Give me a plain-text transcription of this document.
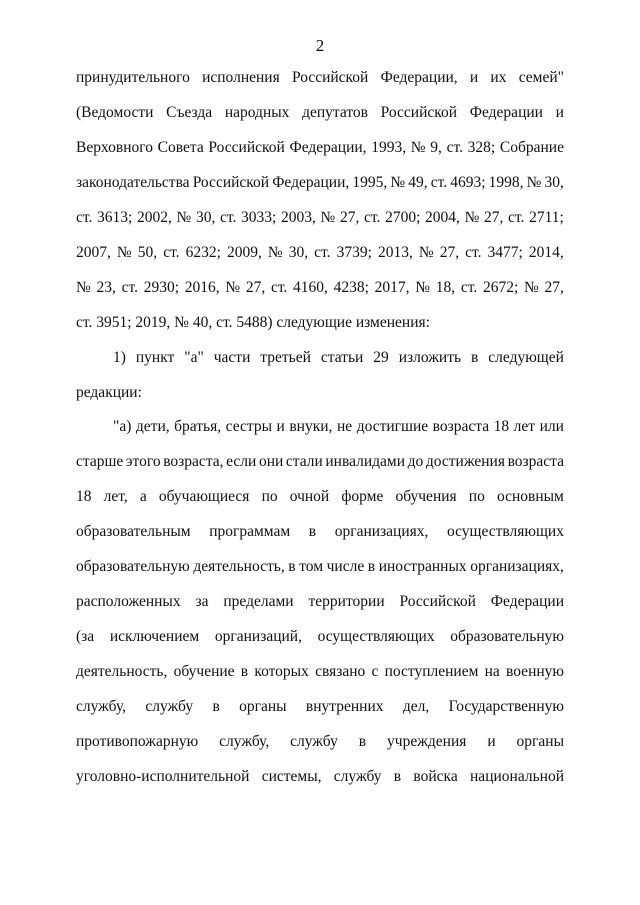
2
принудительного исполнения Российской Федерации, и их семей"
(Ведомости Съезда народных депутатов Российской Федерации и
Верховного Совета Российской Федерации, 1993, № 9, ст. 328; Собрание
законодательства Российской Федерации, 1995, № 49, ст. 4693; 1998, № 30,
ст. 3613; 2002, № 30, ст. 3033; 2003, № 27, ст. 2700; 2004, № 27, ст. 2711;
2007, № 50, ст. 6232; 2009, № 30, ст. 3739; 2013, № 27, ст. 3477; 2014,
№ 23, ст. 2930; 2016, № 27, ст. 4160, 4238; 2017, № 18, ст. 2672; № 27,
ст. 3951; 2019, № 40, ст. 5488) следующие изменения:
1) пункт "а" части третьей статьи 29 изложить в следующей
редакции:
"а) дети, братья, сестры и внуки, не достигшие возраста 18 лет или
старше этого возраста, если они стали инвалидами до достижения возраста
18 лет, а обучающиеся по очной форме обучения по основным
образовательным программам в организациях, осуществляющих
образовательную деятельность, в том числе в иностранных организациях,
расположенных за пределами территории Российской Федерации
(за исключением организаций, осуществляющих образовательную
деятельность, обучение в которых связано с поступлением на военную
службу, службу в органы внутренних дел, Государственную
противопожарную службу, службу в учреждения и органы
уголовно-исполнительной системы, службу в войска национальной
